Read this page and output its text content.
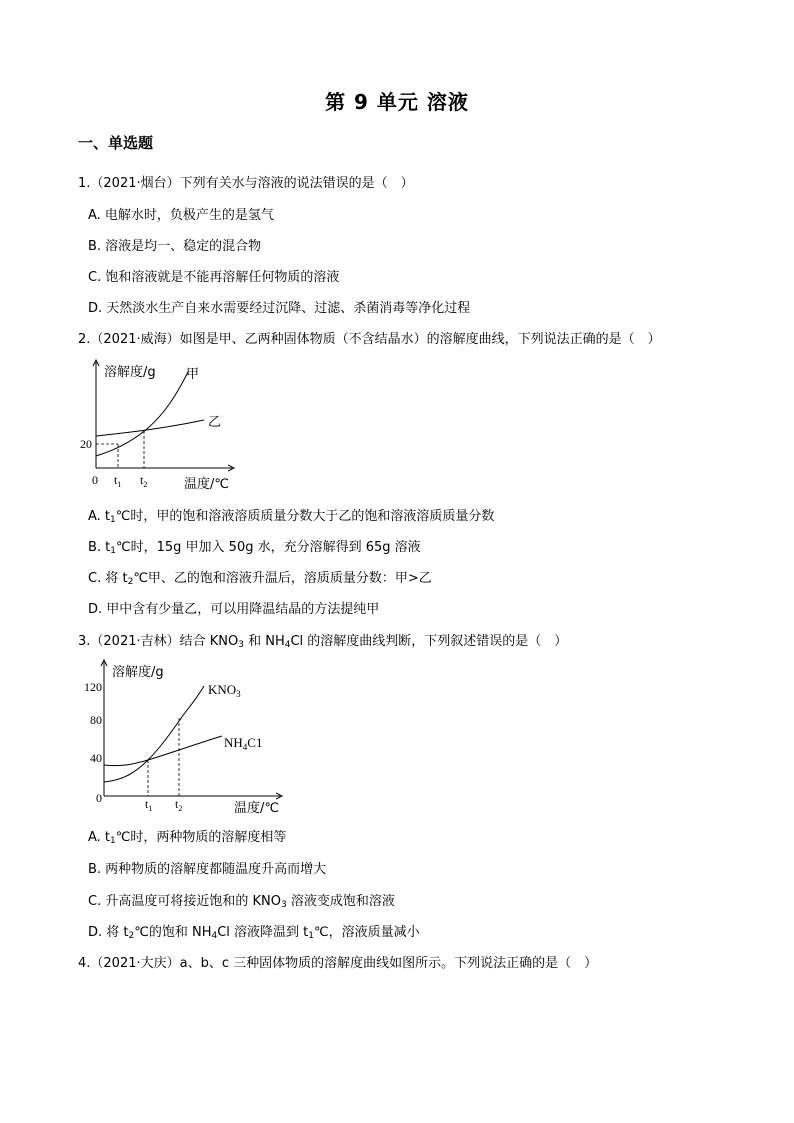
第 9 单元 溶液
一、单选题
1.（2021·烟台）下列有关水与溶液的说法错误的是（　）
A. 电解水时，负极产生的是氢气
B. 溶液是均一、稳定的混合物
C. 饱和溶液就是不能再溶解任何物质的溶液
D. 天然淡水生产自来水需要经过沉降、过滤、杀菌消毒等净化过程
2.（2021·威海）如图是甲、乙两种固体物质（不含结晶水）的溶解度曲线，下列说法正确的是（　）
溶解度/g
温度/℃
0
20
$t_1$ $t_2$
甲
乙
A. $t_1℃$时，甲的饱和溶液溶质质量分数大于乙的饱和溶液溶质质量分数
B. $t_1℃$时，15g 甲加入 50g 水，充分溶解得到 65g 溶液
C. 将 $t_2℃$甲、乙的饱和溶液升温后，溶质质量分数：甲>乙
D. 甲中含有少量乙，可以用降温结晶的方法提纯甲
3.（2021·吉林）结合 $KNO_3$ 和 $NH_4Cl$ 的溶解度曲线判断，下列叙述错误的是（　）
溶解度/g
温度/℃
120
80
40
0	$t_1$ $t_2$
$KNO_3$
$NH_4C1$
A. $t_1℃$时，两种物质的溶解度相等
B. 两种物质的溶解度都随温度升高而增大
C. 升高温度可将接近饱和的 $KNO_3$ 溶液变成饱和溶液
D. 将 $t_2℃$的饱和 $NH_4Cl$ 溶液降温到 $t_1℃$，溶液质量减小
4.（2021·大庆）a、b、c 三种固体物质的溶解度曲线如图所示。下列说法正确的是（　）
